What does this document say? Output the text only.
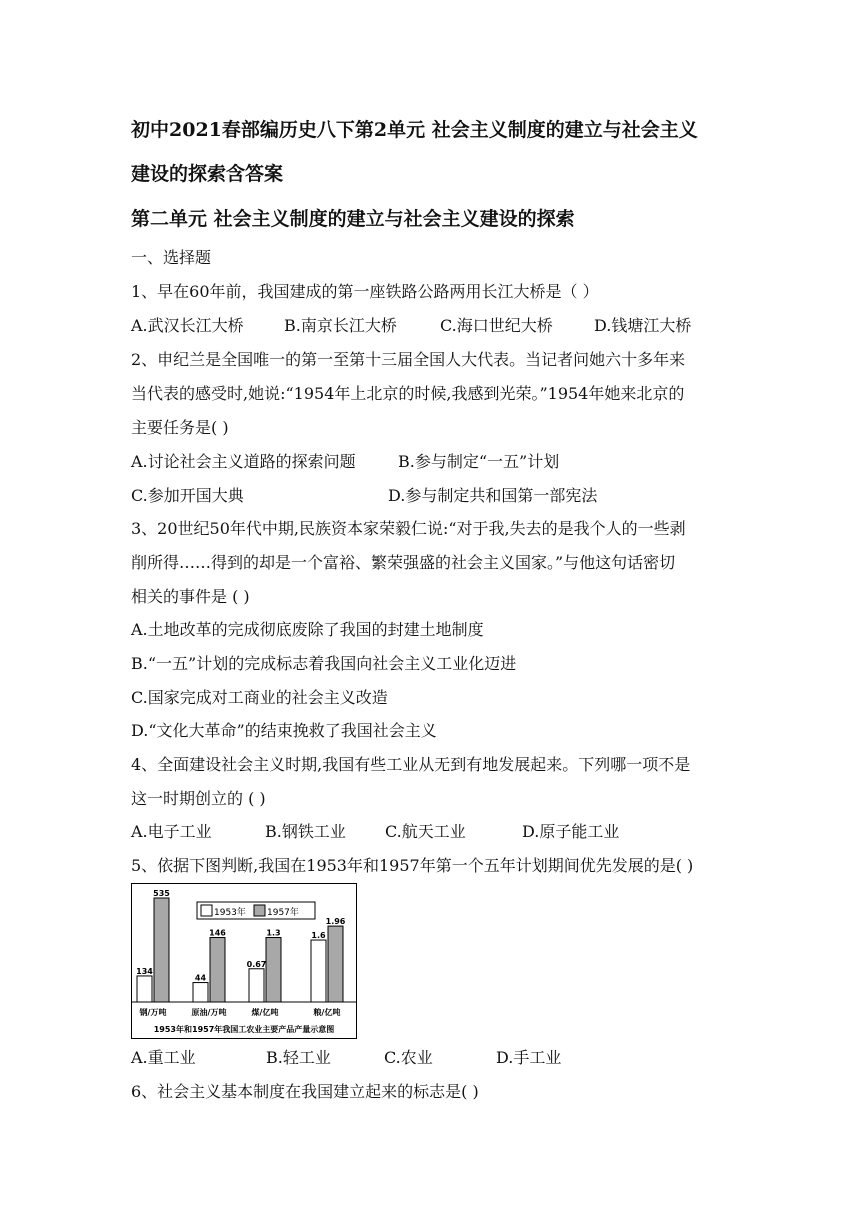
初中2021春部编历史八下第2单元 社会主义制度的建立与社会主义
建设的探索含答案
第二单元 社会主义制度的建立与社会主义建设的探索
一、选择题
1、早在60年前，我国建成的第一座铁路公路两用长江大桥是（ ）
A.武汉长江大桥	B.南京长江大桥	C.海口世纪大桥	D.钱塘江大桥
2、申纪兰是全国唯一的第一至第十三届全国人大代表。当记者问她六十多年来
当代表的感受时,她说:“1954年上北京的时候,我感到光荣。”1954年她来北京的
主要任务是( )
A.讨论社会主义道路的探索问题	B.参与制定“一五”计划
C.参加开国大典	D.参与制定共和国第一部宪法
3、20世纪50年代中期,民族资本家荣毅仁说:“对于我,失去的是我个人的一些剥
削所得……得到的却是一个富裕、繁荣强盛的社会主义国家。”与他这句话密切
相关的事件是 ( )
A.土地改革的完成彻底废除了我国的封建土地制度
B.“一五”计划的完成标志着我国向社会主义工业化迈进
C.国家完成对工商业的社会主义改造
D.“文化大革命”的结束挽救了我国社会主义
4、全面建设社会主义时期,我国有些工业从无到有地发展起来。下列哪一项不是
这一时期创立的 ( )
A.电子工业	B.钢铁工业 C.航天工业	D.原子能工业
5、依据下图判断,我国在1953年和1957年第一个五年计划期间优先发展的是( )
134
535
44
146
0.67
1.3	1.6
1.96
1953年 1957年
钢/万吨	原油/万吨	煤/亿吨	粮/亿吨
1953年和1957年我国工农业主要产品产量示意图
A.重工业	B.轻工业	C.农业	D.手工业
6、社会主义基本制度在我国建立起来的标志是( )
